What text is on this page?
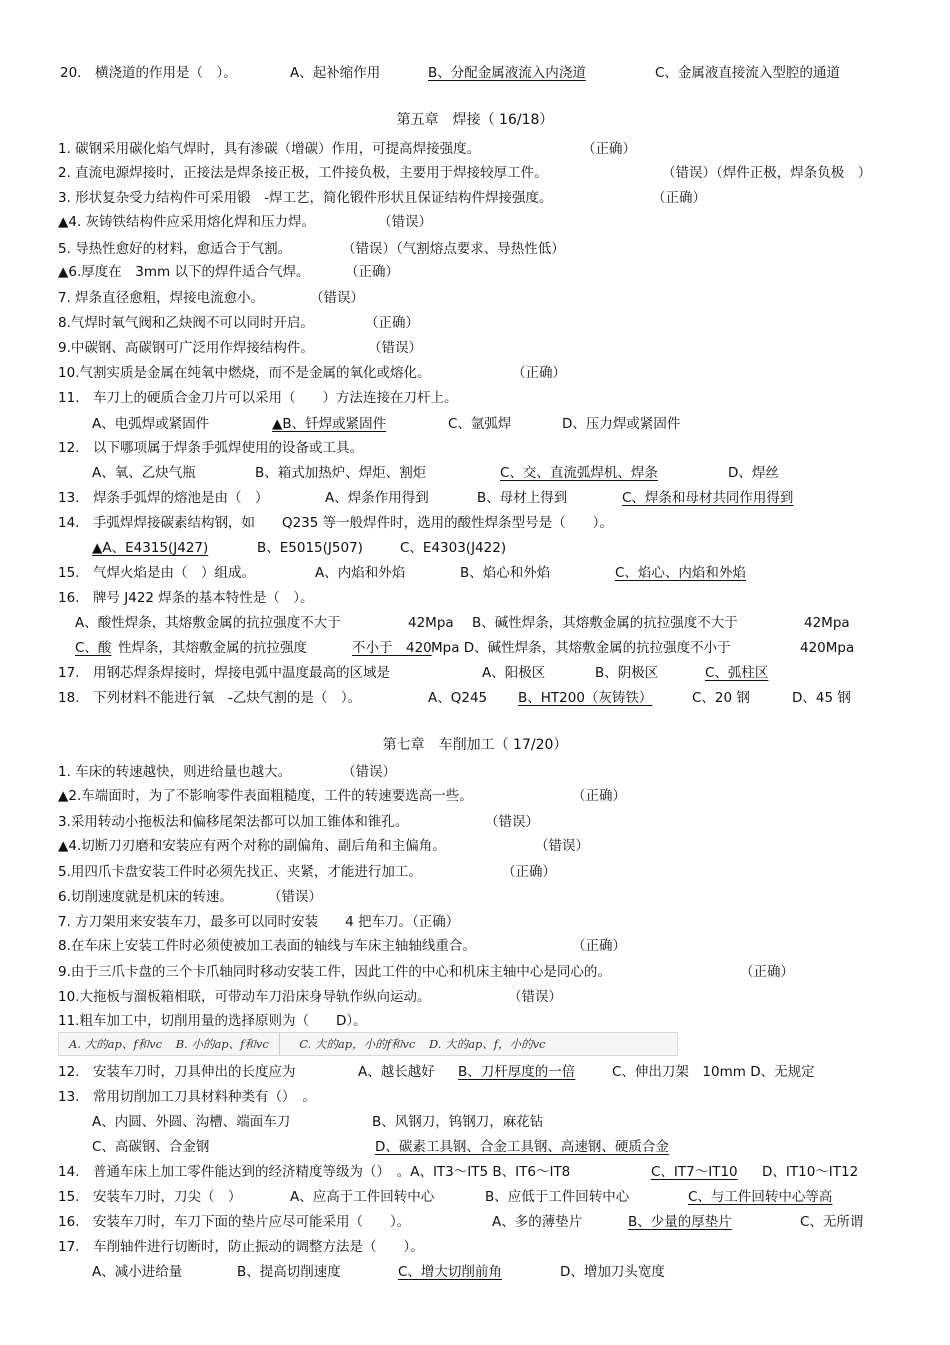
20.　横浇道的作用是（　）。	A、起补缩作用	B、分配金属液流入内浇道	C、金属液直接流入型腔的通道
第五章　焊接（ 16/18）
1. 碳钢采用碳化焰气焊时，具有渗碳（增碳）作用，可提高焊接强度。	（正确）
2. 直流电源焊接时，正接法是焊条接正极，工件接负极，主要用于焊接较厚工件。	（错误）（焊件正极，焊条负极　）
3. 形状复杂受力结构件可采用锻　-焊工艺，简化锻件形状且保证结构件焊接强度。	（正确）
▲4. 灰铸铁结构件应采用熔化焊和压力焊。	（错误）
5. 导热性愈好的材料，愈适合于气割。	（错误）（气割熔点要求、导热性低）
▲6.厚度在　3mm 以下的焊件适合气焊。	（正确）
7. 焊条直径愈粗，焊接电流愈小。	（错误）
8.气焊时氧气阀和乙炔阀不可以同时开启。	（正确）
9.中碳钢、高碳钢可广泛用作焊接结构件。	（错误）
10.气割实质是金属在纯氧中燃烧，而不是金属的氧化或熔化。	（正确）
11.　车刀上的硬质合金刀片可以采用（　　）方法连接在刀杆上。
A、电弧焊或紧固件	▲B、钎焊或紧固件	C、氩弧焊	D、压力焊或紧固件
12.　以下哪项属于焊条手弧焊使用的设备或工具。
A、氧、乙炔气瓶	B、箱式加热炉、焊炬、割炬	C、交、直流弧焊机、焊条	D、焊丝
13.　焊条手弧焊的熔池是由（　）	A、焊条作用得到	B、母材上得到	C、焊条和母材共同作用得到
14.　手弧焊焊接碳素结构钢，如　　Q235 等一般焊件时，选用的酸性焊条型号是（　　）。
▲A、E4315(J427)	B、E5015(J507)	C、E4303(J422)
15.　气焊火焰是由（　）组成。	A、内焰和外焰	B、焰心和外焰	C、焰心、内焰和外焰
16.　牌号 J422 焊条的基本特性是（　）。
A、酸性焊条，其熔敷金属的抗拉强度不大于	42Mpa B、碱性焊条，其熔敷金属的抗拉强度不大于	42Mpa
C、酸 性焊条，其熔敷金属的抗拉强度	不小于　420 Mpa D、碱性焊条，其熔敷金属的抗拉强度不小于	420Mpa
17.　用钢芯焊条焊接时，焊接电弧中温度最高的区域是	A、阳极区	B、阴极区	C、弧柱区
18.　下列材料不能进行氧　-乙炔气割的是（　）。	A、Q245 B、HT200（灰铸铁）	C、20 钢	D、45 钢
第七章　车削加工（ 17/20）
1. 车床的转速越快，则进给量也越大。	（错误）
▲2.车端面时，为了不影响零件表面粗糙度，工件的转速要选高一些。	（正确）
3.采用转动小拖板法和偏移尾架法都可以加工锥体和锥孔。	（错误）
▲4.切断刀刃磨和安装应有两个对称的副偏角、副后角和主偏角。	（错误）
5.用四爪卡盘安装工件时必须先找正、夹紧，才能进行加工。	（正确）
6.切削速度就是机床的转速。	（错误）
7. 方刀架用来安装车刀，最多可以同时安装　　4 把车刀。（正确）
8.在车床上安装工件时必须使被加工表面的轴线与车床主轴轴线重合。	（正确）
9.由于三爪卡盘的三个卡爪轴同时移动安装工件，因此工件的中心和机床主轴中心是同心的。	（正确）
10.大拖板与溜板箱相联，可带动车刀沿床身导轨作纵向运动。	（错误）
11.粗车加工中，切削用量的选择原则为（　　D）。
A. 大的ap、f和vc B. 小的ap、f和vc	C. 大的ap，小的f和vc D. 大的ap、f，小的vc
12.　安装车刀时，刀具伸出的长度应为	A、越长越好 B、刀杆厚度的一倍	C、伸出刀架　10mm D、无规定
13.　常用切削加工刀具材料种类有（）　。
A、内圆、外圆、沟槽、端面车刀	B、风钢刀，钨钢刀，麻花钻
C、高碳钢、合金钢	D、碳素工具钢、合金工具钢、高速钢、硬质合金
14.　普通车床上加工零件能达到的经济精度等级为（）　。A、IT3～IT5 B、IT6～IT8	C、IT7～IT10 D、IT10～IT12
15.　安装车刀时，刀尖（　）	A、应高于工件回转中心	B、应低于工件回转中心	C、与工件回转中心等高
16.　安装车刀时，车刀下面的垫片应尽可能采用（　　）。	A、多的薄垫片	B、少量的厚垫片	C、无所谓
17.　车削轴件进行切断时，防止振动的调整方法是（　　）。
A、减小进给量	B、提高切削速度	C、增大切削前角	D、增加刀头宽度
